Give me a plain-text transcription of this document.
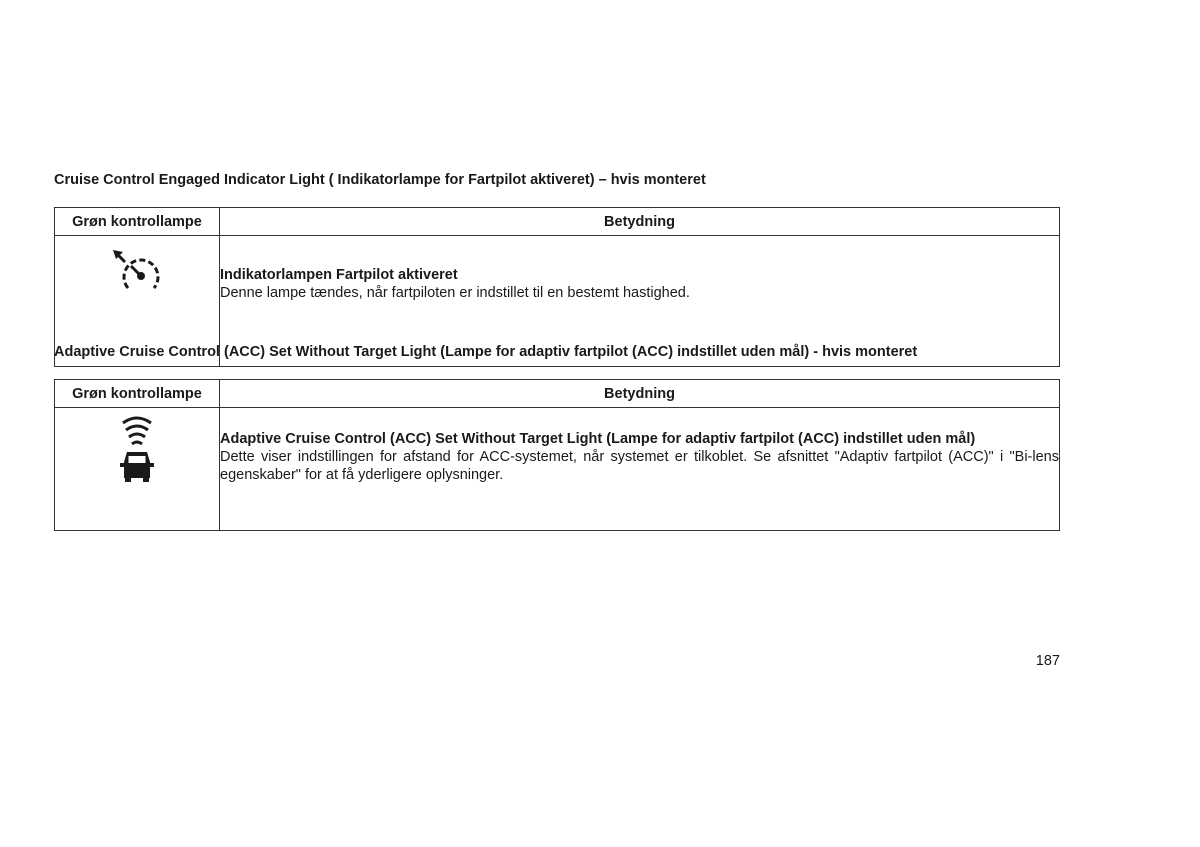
Cruise Control Engaged Indicator Light ( Indikatorlampe for Fartpilot aktiveret) – hvis monteret
Grøn kontrollampe	Betydning

Indikatorlampen Fartpilot aktiveret
Denne lampe tændes, når fartpiloten er indstillet til en bestemt hastighed.
Adaptive Cruise Control (ACC) Set Without Target Light (Lampe for adaptiv fartpilot (ACC) indstillet uden mål) - hvis monteret
Grøn kontrollampe	Betydning

Adaptive Cruise Control (ACC) Set Without Target Light (Lampe for adaptiv fartpilot (ACC) indstillet uden mål)
Dette viser indstillingen for afstand for ACC-systemet, når systemet er tilkoblet. Se afsnittet "Adaptiv fartpilot (ACC)" i "Bi-lens egenskaber" for at få yderligere oplysninger.
187
